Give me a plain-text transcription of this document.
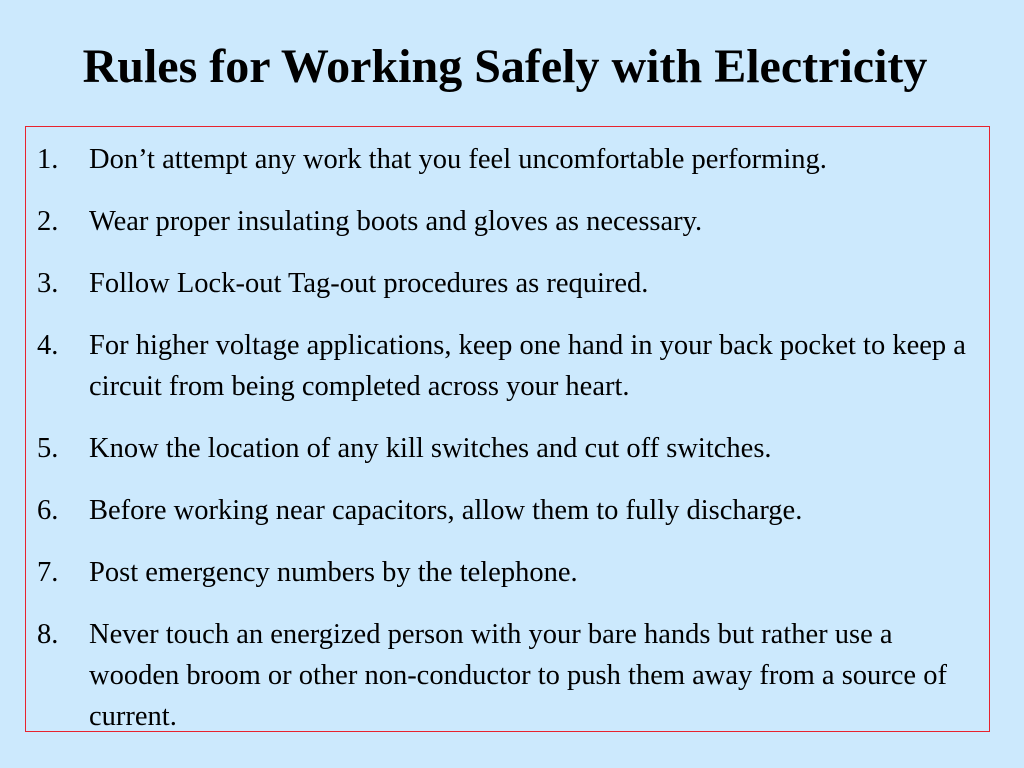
Rules for Working Safely with Electricity
1. Don’t attempt any work that you feel uncomfortable performing.
2. Wear proper insulating boots and gloves as necessary.
3. Follow Lock-out Tag-out procedures as required.
4. For higher voltage applications, keep one hand in your back pocket to keep a circuit from being completed across your heart.
5. Know the location of any kill switches and cut off switches.
6. Before working near capacitors, allow them to fully discharge.
7. Post emergency numbers by the telephone.
8. Never touch an energized person with your bare hands but rather use a wooden broom or other non-conductor to push them away from a source of current.
